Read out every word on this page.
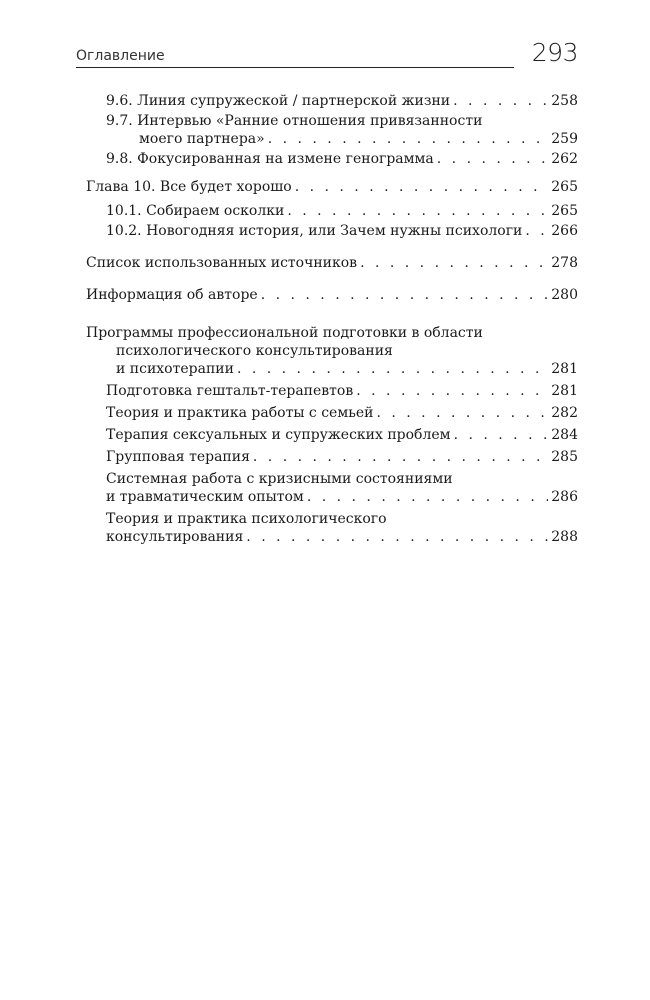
Оглавление	293
9.6. Линия супружеской / партнерской жизни . . .	258
9.7. Интервью «Ранние отношения привязанности
моего партнера» . . .	259
9.8. Фокусированная на измене генограмма . . .	262
Глава 10. Все будет хорошо . . .	265
10.1. Собираем осколки . . .	265
10.2. Новогодняя история, или Зачем нужны психологи . . . 266
Список использованных источников . . .	278
Информация об авторе . . .	280
Программы профессиональной подготовки в области
психологического консультирования
и психотерапии . . .	281
Подготовка гештальт-терапевтов . . .	281
Теория и практика работы с семьей . . .	282
Терапия сексуальных и супружеских проблем . . .	284
Групповая терапия . . .	285
Системная работа с кризисными состояниями
и травматическим опытом . . .	286
Теория и практика психологического
консультирования . . .	288
